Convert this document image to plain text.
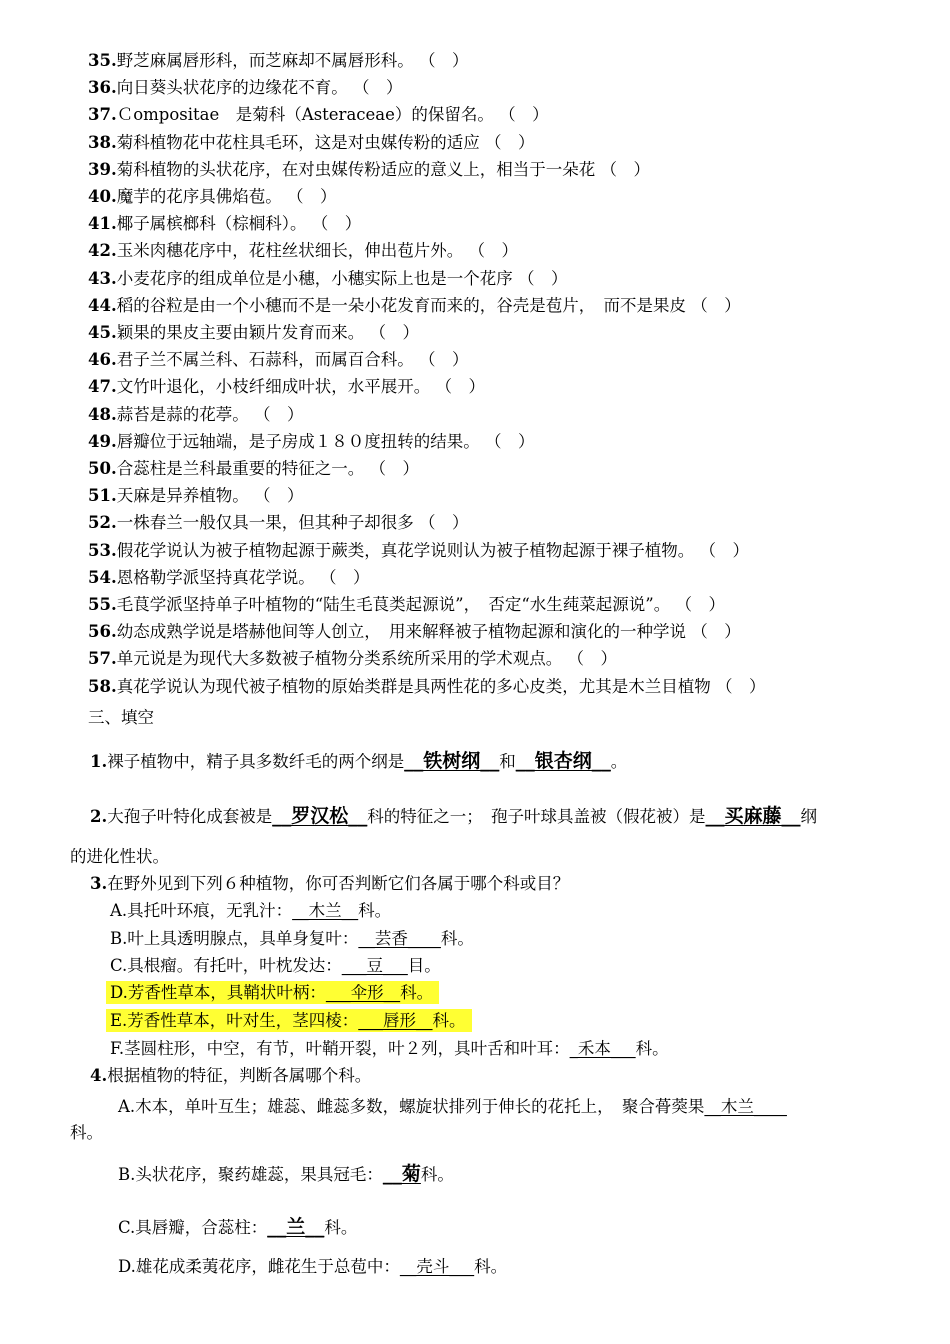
35.野芝麻属唇形科，而芝麻却不属唇形科。 （　）
36.向日葵头状花序的边缘花不育。 （　）
37.Ｃompositae　是菊科（Asteraceae）的保留名。 （　）
38.菊科植物花中花柱具毛环，这是对虫媒传粉的适应 （　）
39.菊科植物的头状花序，在对虫媒传粉适应的意义上，相当于一朵花 （　）
40.魔芋的花序具佛焰苞。 （　）
41.椰子属槟榔科（棕榈科）。 （　）
42.玉米肉穗花序中，花柱丝状细长，伸出苞片外。 （　）
43.小麦花序的组成单位是小穗，小穗实际上也是一个花序 （　）
44.稻的谷粒是由一个小穗而不是一朵小花发育而来的，谷壳是苞片，　而不是果皮 （　）
45.颖果的果皮主要由颖片发育而来。 （　）
46.君子兰不属兰科、石蒜科，而属百合科。 （　）
47.文竹叶退化，小枝纤细成叶状，水平展开。 （　）
48.蒜苔是蒜的花葶。 （　）
49.唇瓣位于远轴端，是子房成１８０度扭转的结果。 （　）
50.合蕊柱是兰科最重要的特征之一。 （　）
51.天麻是异养植物。 （　）
52.一株春兰一般仅具一果，但其种子却很多 （　）
53.假花学说认为被子植物起源于蕨类，真花学说则认为被子植物起源于裸子植物。 （　）
54.恩格勒学派坚持真花学说。 （　）
55.毛茛学派坚持单子叶植物的“陆生毛茛类起源说”，　否定“水生莼菜起源说”。 （　）
56.幼态成熟学说是塔赫他间等人创立，　用来解释被子植物起源和演化的一种学说 （　）
57.单元说是为现代大多数被子植物分类系统所采用的学术观点。 （　）
58.真花学说认为现代被子植物的原始类群是具两性花的多心皮类，尤其是木兰目植物 （　）
三、填空
1.裸子植物中，精子具多数纤毛的两个纲是__铁树纲__和__银杏纲__。
2.大孢子叶特化成套被是__罗汉松__科的特征之一；　孢子叶球具盖被（假花被）是__买麻藤__纲
的进化性状。
3.在野外见到下列６种植物，你可否判断它们各属于哪个科或目？
A.具托叶环痕，无乳汁：__木兰__科。
B.叶上具透明腺点，具单身复叶：__芸香____科。
C.具根瘤。有托叶，叶枕发达：___豆___目。
D.芳香性草本，具鞘状叶柄：___伞形__科。
E.芳香性草本，叶对生，茎四棱：___唇形__科。
F.茎圆柱形，中空，有节，叶鞘开裂，叶２列，具叶舌和叶耳：_禾本___科。
4.根据植物的特征，判断各属哪个科。
A.木本，单叶互生；雄蕊、雌蕊多数，螺旋状排列于伸长的花托上，　聚合蓇葖果__木兰____
科。
B.头状花序，聚药雄蕊，果具冠毛：__菊科。
C.具唇瓣，合蕊柱：__兰__科。
D.雄花成柔荑花序，雌花生于总苞中：__壳斗___科。
